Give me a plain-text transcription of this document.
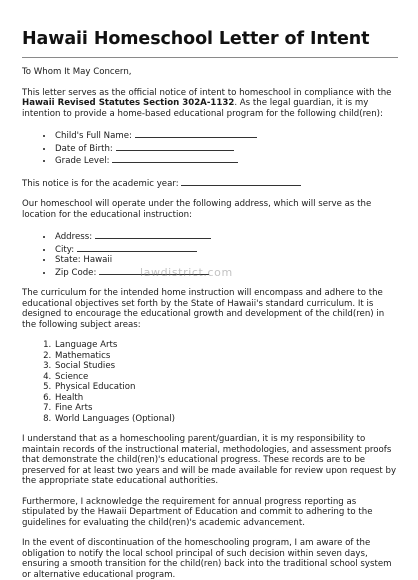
Hawaii Homeschool Letter of Intent

To Whom It May Concern,

This letter serves as the official notice of intent to homeschool in compliance with the Hawaii Revised Statutes Section 302A-1132. As the legal guardian, it is my intention to provide a home-based educational program for the following child(ren):

• Child's Full Name:
• Date of Birth:
• Grade Level:

This notice is for the academic year:

Our homeschool will operate under the following address, which will serve as the location for the educational instruction:

• Address:
• City:
• State: Hawaii
• Zip Code:

The curriculum for the intended home instruction will encompass and adhere to the educational objectives set forth by the State of Hawaii's standard curriculum. It is designed to encourage the educational growth and development of the child(ren) in the following subject areas:

1. Language Arts
2. Mathematics
3. Social Studies
4. Science
5. Physical Education
6. Health
7. Fine Arts
8. World Languages (Optional)

I understand that as a homeschooling parent/guardian, it is my responsibility to maintain records of the instructional material, methodologies, and assessment proofs that demonstrate the child(ren)'s educational progress. These records are to be preserved for at least two years and will be made available for review upon request by the appropriate state educational authorities.

Furthermore, I acknowledge the requirement for annual progress reporting as stipulated by the Hawaii Department of Education and commit to adhering to the guidelines for evaluating the child(ren)'s academic advancement.

In the event of discontinuation of the homeschooling program, I am aware of the obligation to notify the local school principal of such decision within seven days, ensuring a smooth transition for the child(ren) back into the traditional school system or alternative educational program.

lawdistrict.com
